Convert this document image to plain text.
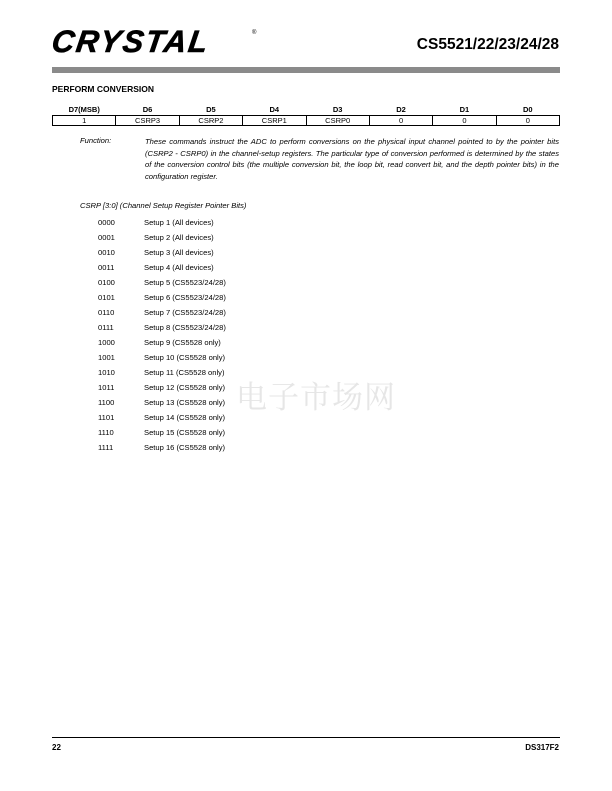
CRYSTAL	®
CS5521/22/23/24/28
PERFORM CONVERSION
D7(MSB)	D6	D5	D4	D3	D2	D1	D0
1	CSRP3	CSRP2	CSRP1	CSRP0	0	0	0
Function:	These commands instruct the ADC to perform conversions on the physical input channel pointed to by the pointer bits (CSRP2 - CSRP0) in the channel-setup registers. The particular type of conversion performed is determined by the states of the conversion control bits (the multiple conversion bit, the loop bit, read convert bit, and the depth pointer bits) in the configuration register.
CSRP [3:0] (Channel Setup Register Pointer Bits)
0000	Setup 1 (All devices)
0001	Setup 2 (All devices)
0010	Setup 3 (All devices)
0011	Setup 4 (All devices)
0100	Setup 5 (CS5523/24/28)
0101	Setup 6 (CS5523/24/28)
0110	Setup 7 (CS5523/24/28)
0111	Setup 8 (CS5523/24/28)
1000	Setup 9 (CS5528 only)
1001	Setup 10 (CS5528 only)
1010	Setup 11 (CS5528 only)
1011	Setup 12 (CS5528 only)
1100	Setup 13 (CS5528 only)
1101	Setup 14 (CS5528 only)
1110	Setup 15 (CS5528 only)
1111	Setup 16 (CS5528 only)
电子市场网
22	DS317F2
